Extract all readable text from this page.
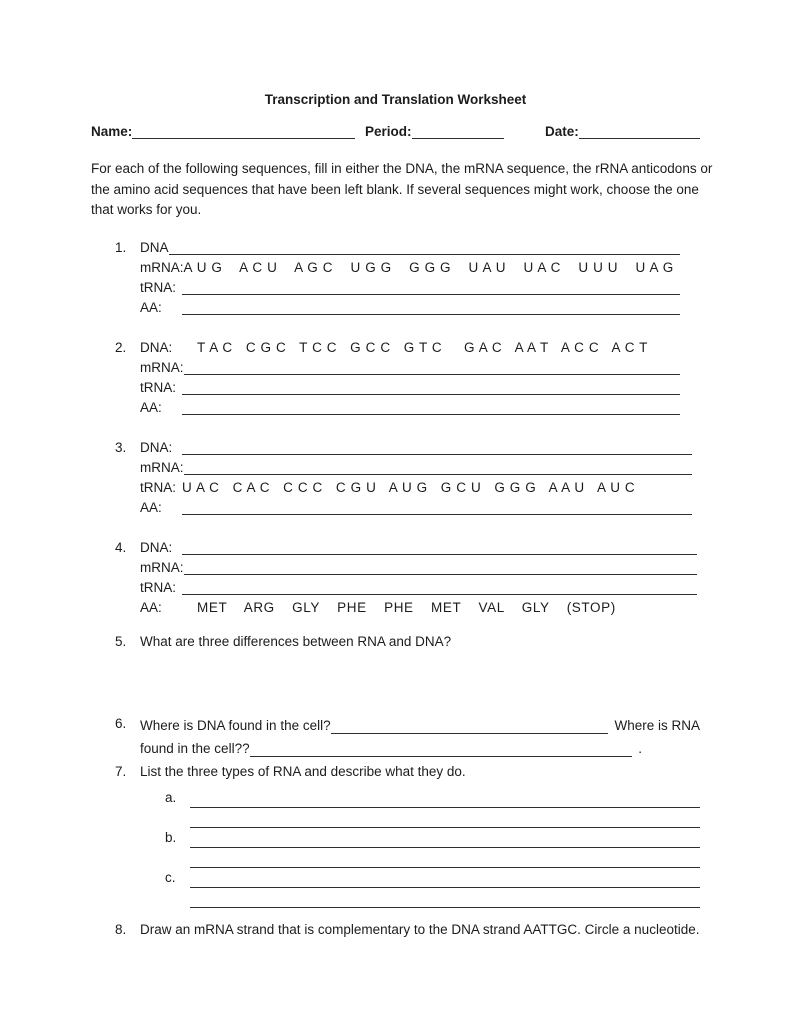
Transcription and Translation Worksheet
Name:	Period:	Date:
For each of the following sequences, fill in either the DNA, the mRNA sequence, the rRNA anticodons or
the amino acid sequences that have been left blank. If several sequences might work, choose the one
that works for you.
1.	DNA
mRNA: A U G    A C U    A G C    U G G    G G G    U A U    U A C    U U U    U A G
tRNA:
AA:
2.	DNA:	T A C   C G C   T C C   G C C   G T C     G A C   A A T   A C C   A C T
mRNA:
tRNA:
AA:
3.	DNA:
mRNA:
tRNA: U A C   C A C   C C C   C G U   A U G   G C U   G G G   A A U   A U C
AA:
4.	DNA:
mRNA:
tRNA:
AA:	MET    ARG    GLY    PHE    PHE    MET    VAL    GLY    (STOP)
5.	What are three differences between RNA and DNA?
6.	Where is DNA found in the cell?	Where is RNA
found in the cell??	.
7.	List the three types of RNA and describe what they do.
a.
b.
c.
8.	Draw an mRNA strand that is complementary to the DNA strand AATTGC. Circle a nucleotide.
